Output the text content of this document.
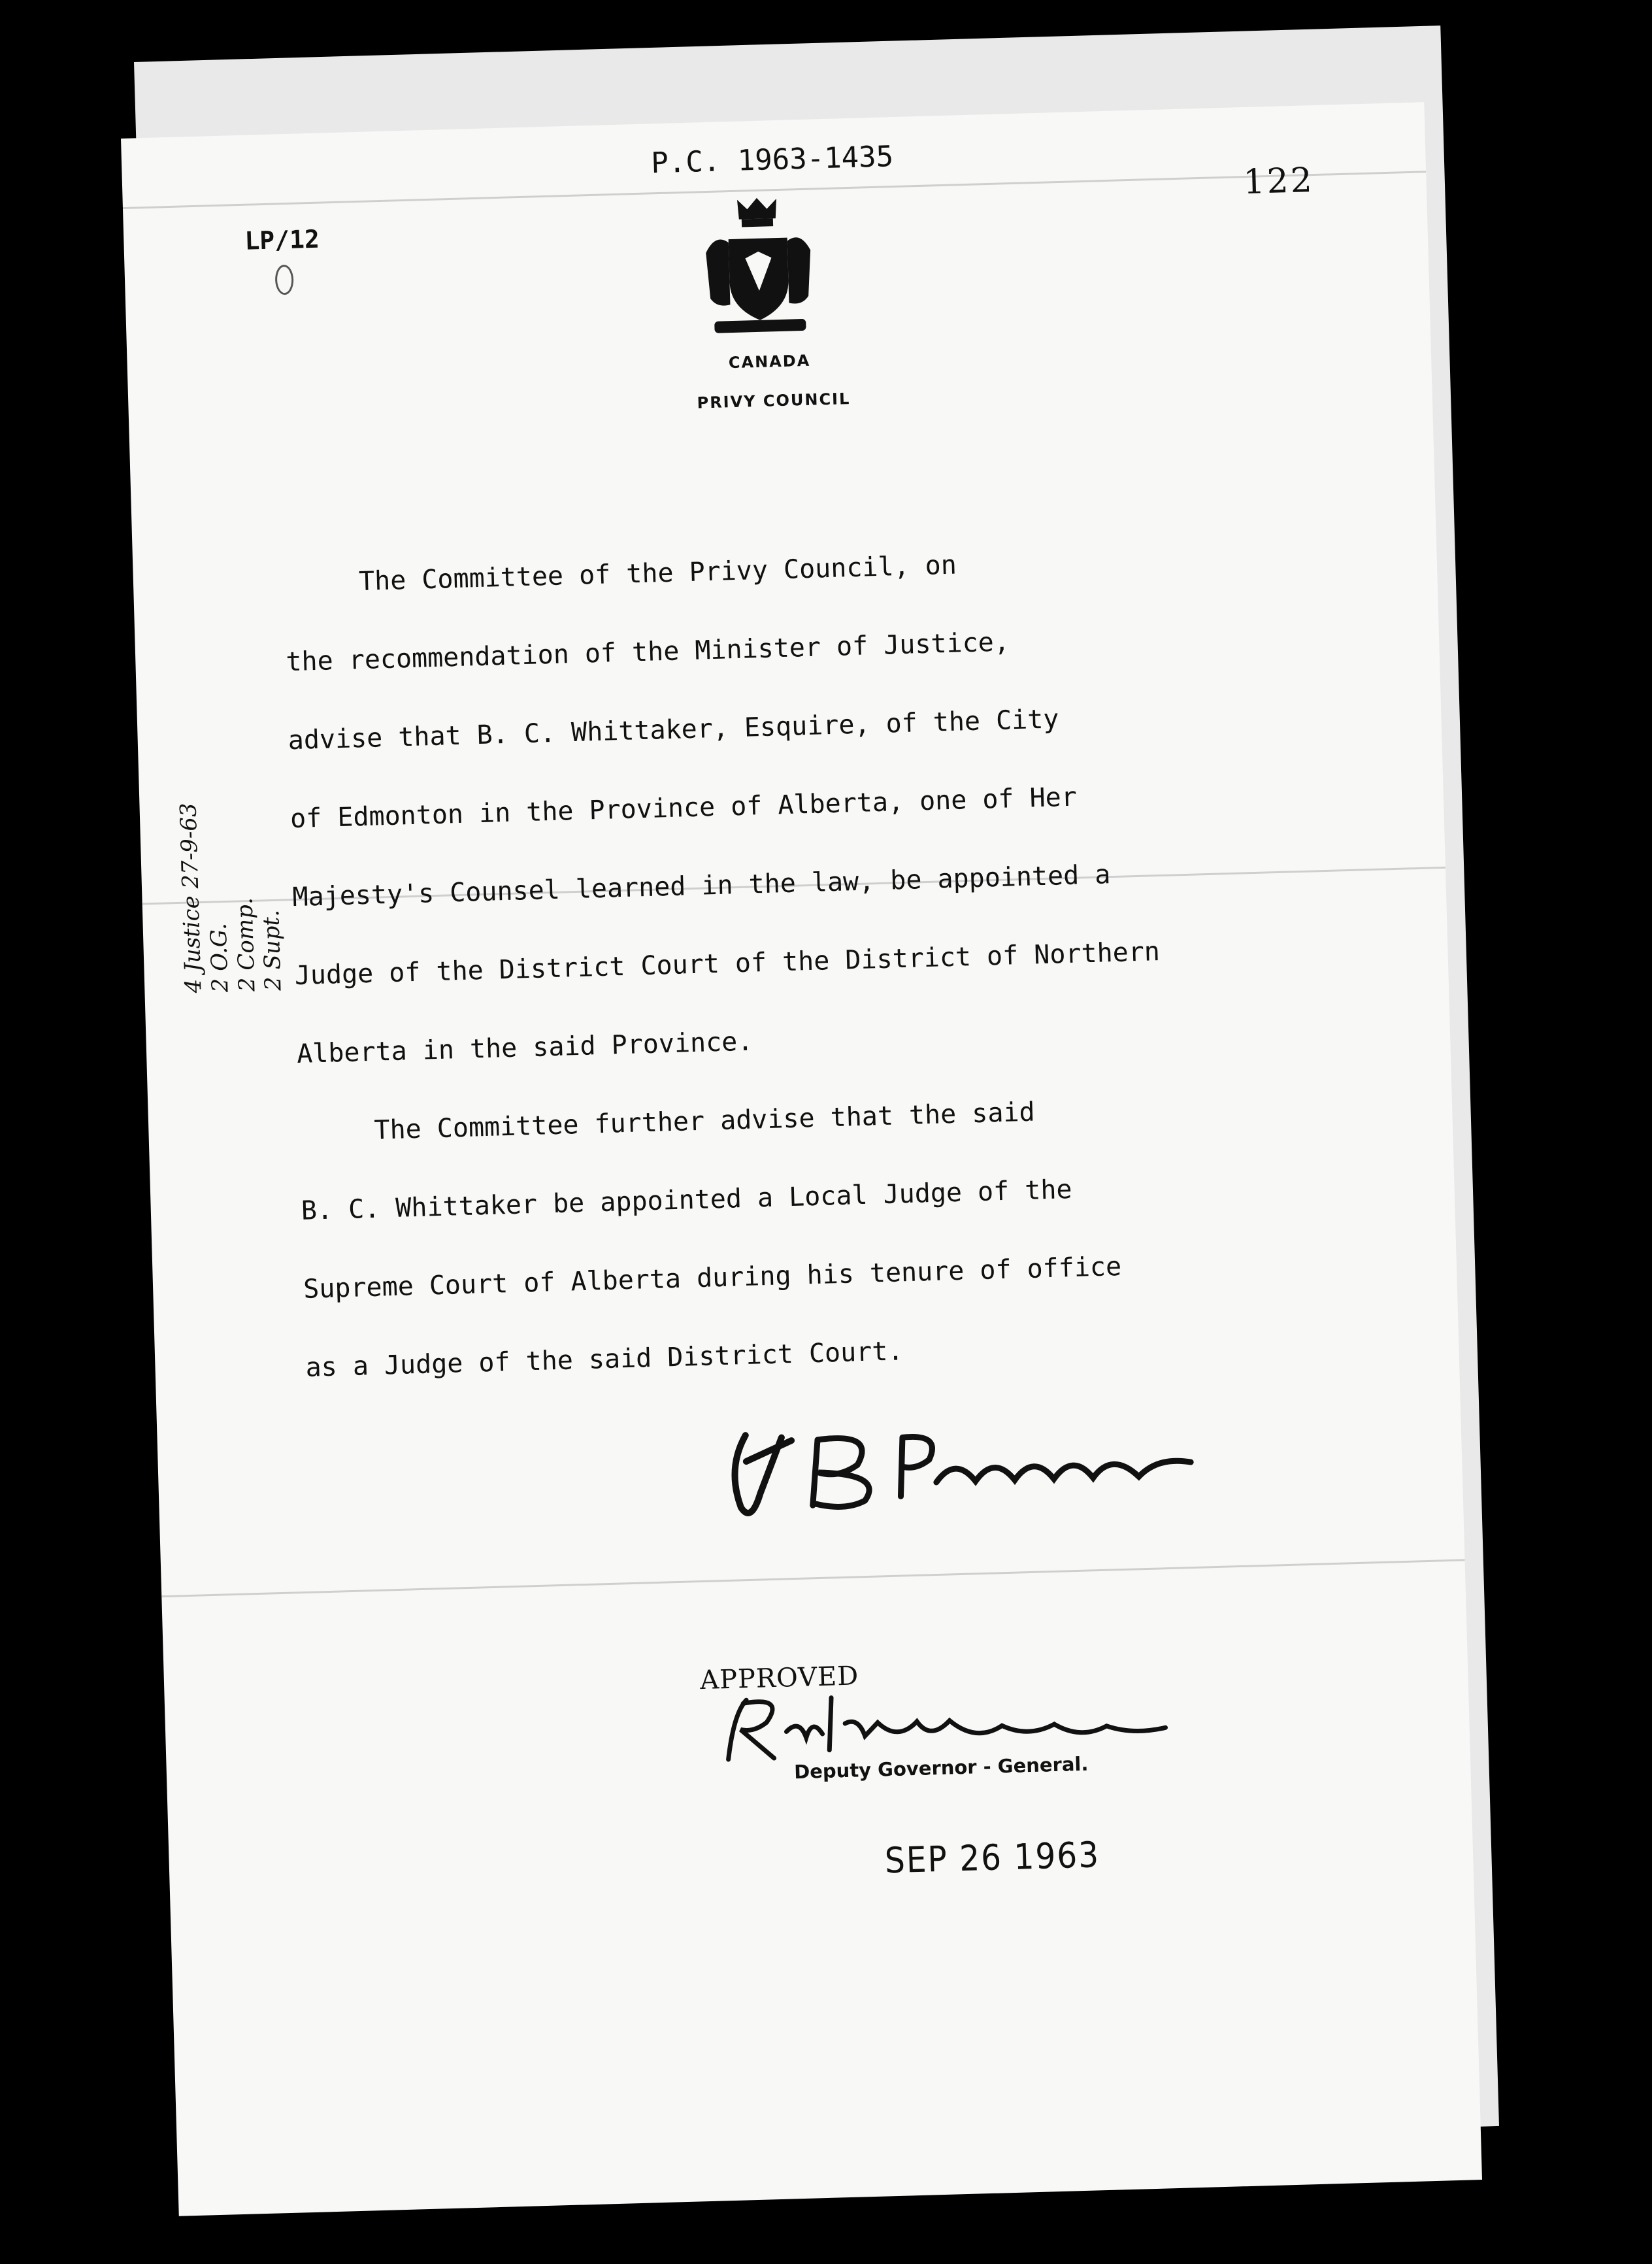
P.C. 1963-1435
122
LP/12
CANADA
PRIVY COUNCIL
The Committee of the Privy Council, on
the recommendation of the Minister of Justice,
advise that B. C. Whittaker, Esquire, of the City
of Edmonton in the Province of Alberta, one of Her
Majesty's Counsel learned in the law, be appointed a
Judge of the District Court of the District of Northern
Alberta in the said Province.
The Committee further advise that the said
B. C. Whittaker be appointed a Local Judge of the
Supreme Court of Alberta during his tenure of office
as a Judge of the said District Court.
4 Justice 27-9-63
2 O.G.
2 Comp.
2 Supt.
APPROVED
Deputy Governor - General.
SEP 26 1963
